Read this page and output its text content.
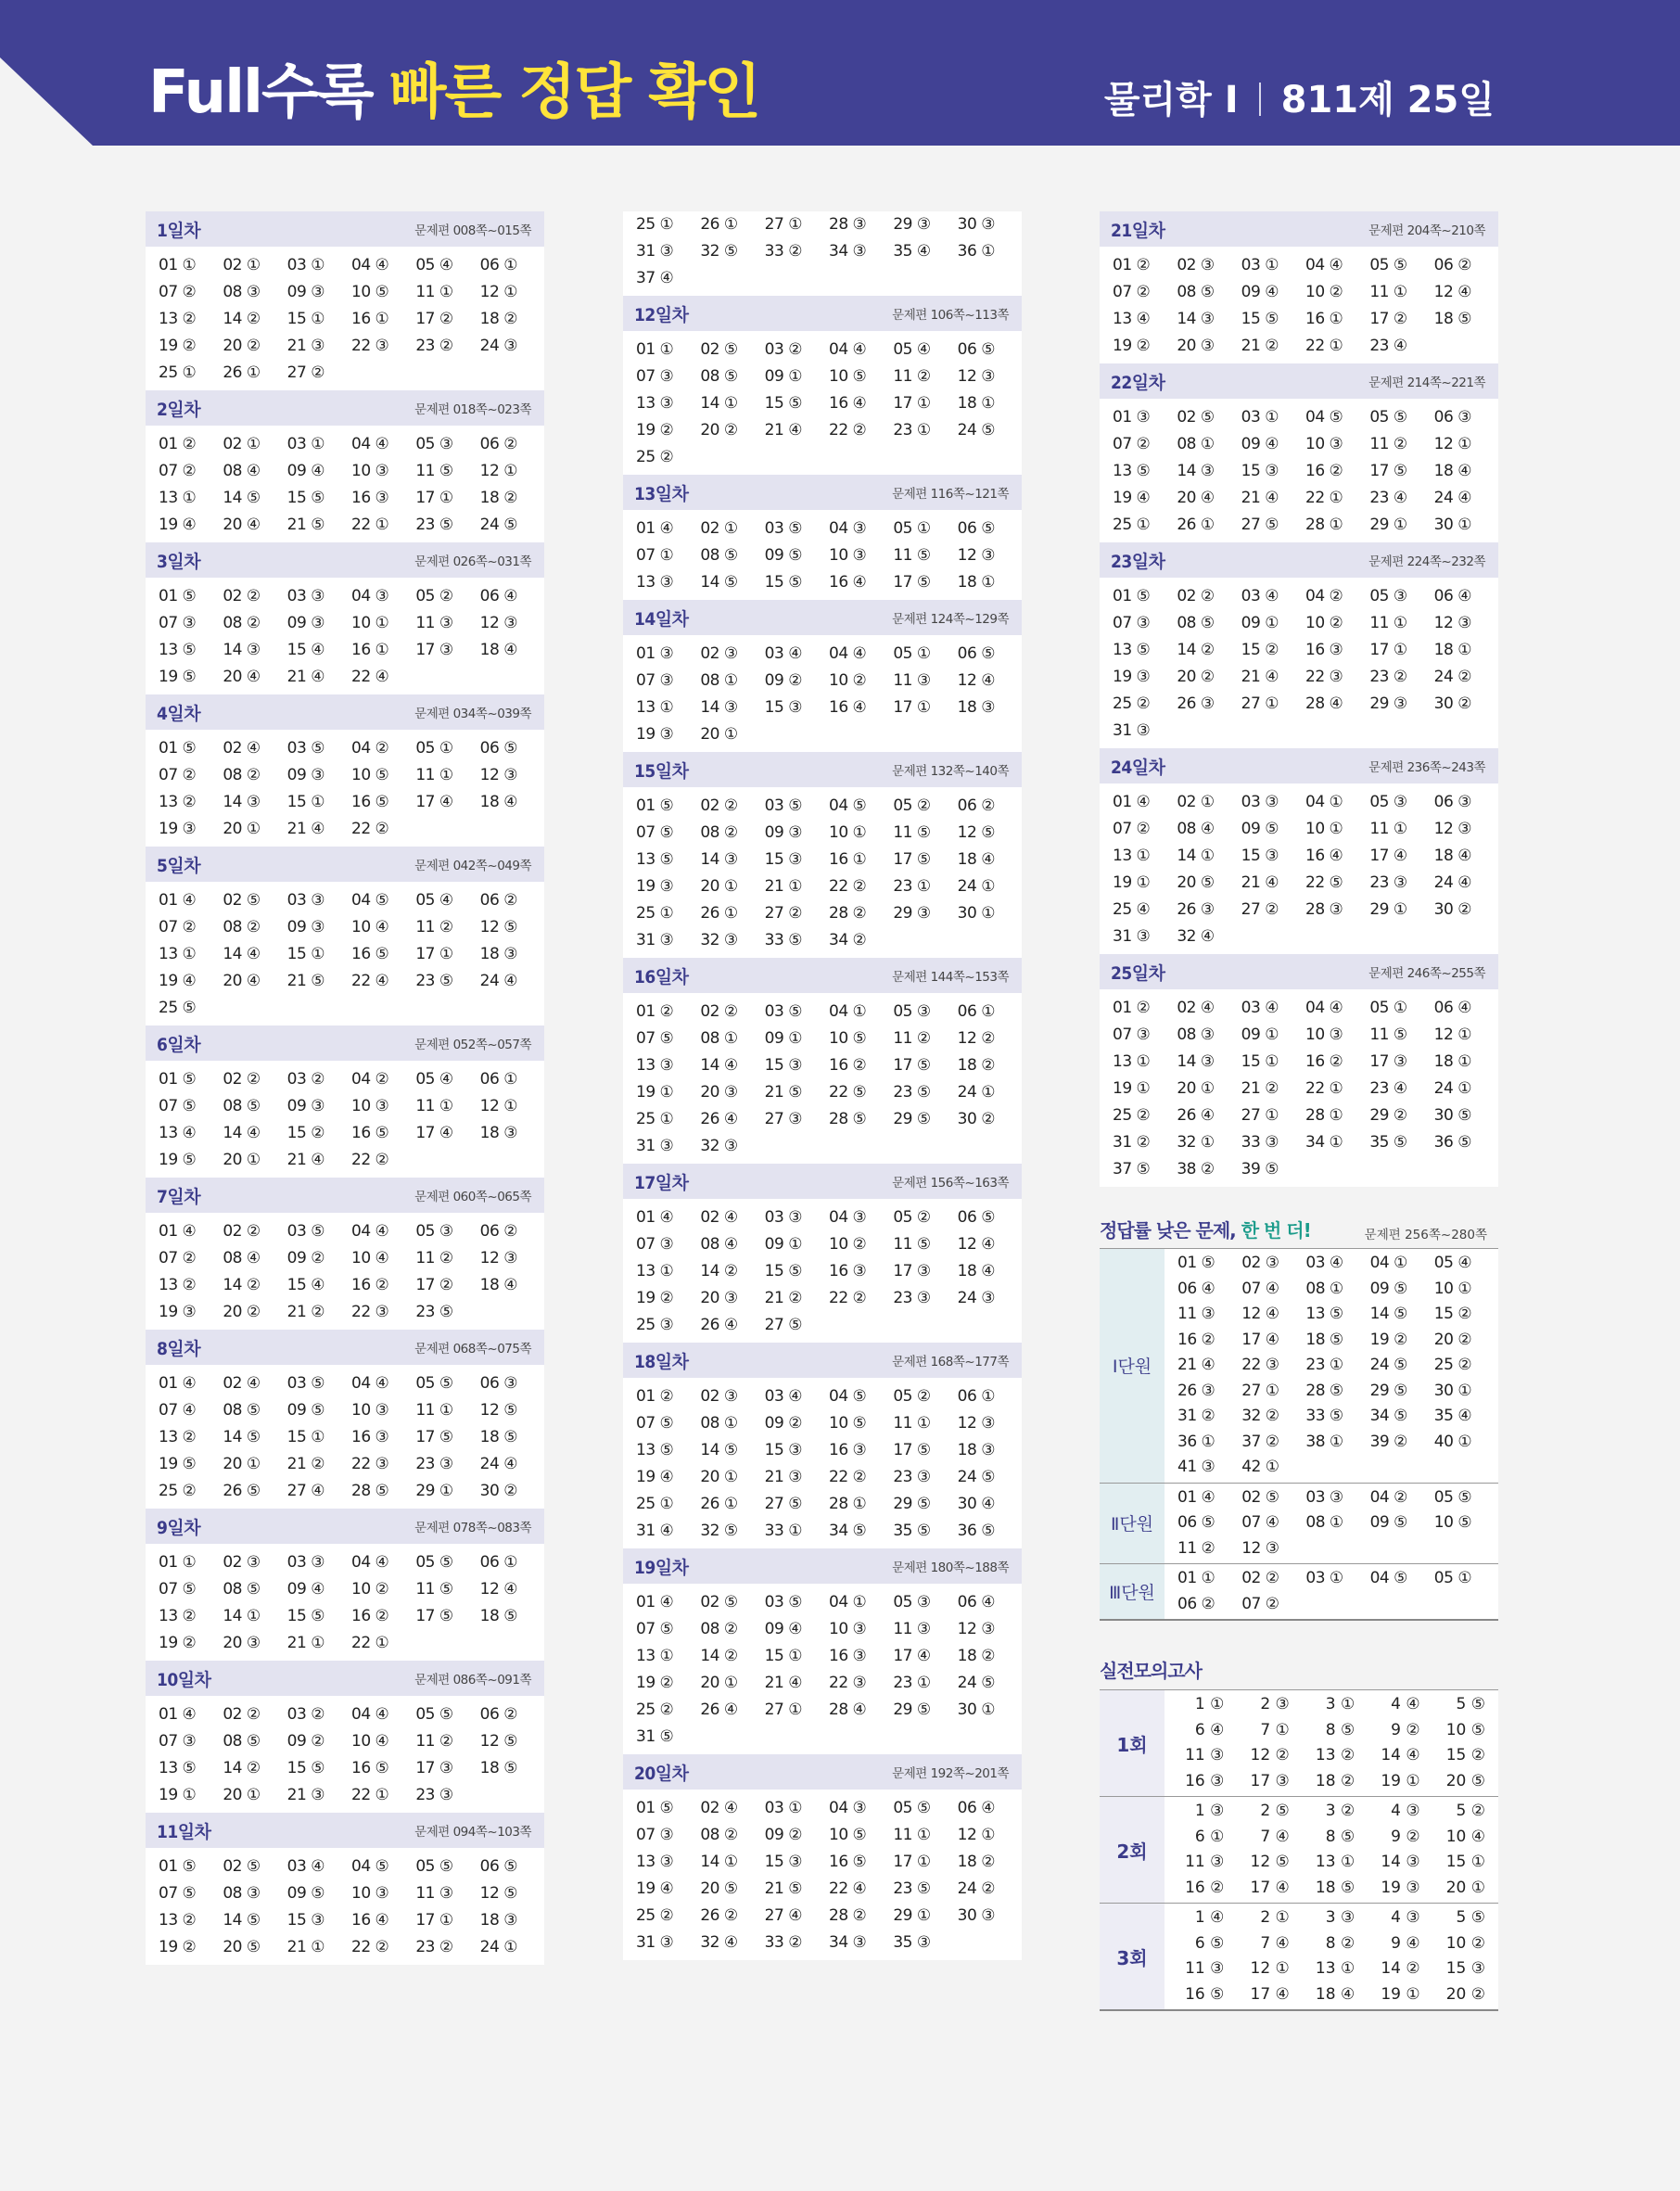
Full수록 빠른 정답 확인	물리학 I 811제 25일
1일차	문제편 008쪽~015쪽
01 ①	02 ①	03 ①	04 ④	05 ④	06 ①
07 ②	08 ③	09 ③	10 ⑤	11 ①	12 ①
13 ②	14 ②	15 ①	16 ①	17 ②	18 ②
19 ②	20 ②	21 ③	22 ③	23 ②	24 ③
25 ①	26 ①	27 ②
2일차	문제편 018쪽~023쪽
01 ②	02 ①	03 ①	04 ④	05 ③	06 ②
07 ②	08 ④	09 ④	10 ③	11 ⑤	12 ①
13 ①	14 ⑤	15 ⑤	16 ③	17 ①	18 ②
19 ④	20 ④	21 ⑤	22 ①	23 ⑤	24 ⑤
3일차	문제편 026쪽~031쪽
01 ⑤	02 ②	03 ③	04 ③	05 ②	06 ④
07 ③	08 ②	09 ③	10 ①	11 ③	12 ③
13 ⑤	14 ③	15 ④	16 ①	17 ③	18 ④
19 ⑤	20 ④	21 ④	22 ④
4일차	문제편 034쪽~039쪽
01 ⑤	02 ④	03 ⑤	04 ②	05 ①	06 ⑤
07 ②	08 ②	09 ③	10 ⑤	11 ①	12 ③
13 ②	14 ③	15 ①	16 ⑤	17 ④	18 ④
19 ③	20 ①	21 ④	22 ②
5일차	문제편 042쪽~049쪽
01 ④	02 ⑤	03 ③	04 ⑤	05 ④	06 ②
07 ②	08 ②	09 ③	10 ④	11 ②	12 ⑤
13 ①	14 ④	15 ①	16 ⑤	17 ①	18 ③
19 ④	20 ④	21 ⑤	22 ④	23 ⑤	24 ④
25 ⑤
6일차	문제편 052쪽~057쪽
01 ⑤	02 ②	03 ②	04 ②	05 ④	06 ①
07 ⑤	08 ⑤	09 ③	10 ③	11 ①	12 ①
13 ④	14 ④	15 ②	16 ⑤	17 ④	18 ③
19 ⑤	20 ①	21 ④	22 ②
7일차	문제편 060쪽~065쪽
01 ④	02 ②	03 ⑤	04 ④	05 ③	06 ②
07 ②	08 ④	09 ②	10 ④	11 ②	12 ③
13 ②	14 ②	15 ④	16 ②	17 ②	18 ④
19 ③	20 ②	21 ②	22 ③	23 ⑤
8일차	문제편 068쪽~075쪽
01 ④	02 ④	03 ⑤	04 ④	05 ⑤	06 ③
07 ④	08 ⑤	09 ⑤	10 ③	11 ①	12 ⑤
13 ②	14 ⑤	15 ①	16 ③	17 ⑤	18 ⑤
19 ⑤	20 ①	21 ②	22 ③	23 ③	24 ④
25 ②	26 ⑤	27 ④	28 ⑤	29 ①	30 ②
9일차	문제편 078쪽~083쪽
01 ①	02 ③	03 ③	04 ④	05 ⑤	06 ①
07 ⑤	08 ⑤	09 ④	10 ②	11 ⑤	12 ④
13 ②	14 ①	15 ⑤	16 ②	17 ⑤	18 ⑤
19 ②	20 ③	21 ①	22 ①
10일차	문제편 086쪽~091쪽
01 ④	02 ②	03 ②	04 ④	05 ⑤	06 ②
07 ③	08 ⑤	09 ②	10 ④	11 ②	12 ⑤
13 ⑤	14 ②	15 ⑤	16 ⑤	17 ③	18 ⑤
19 ①	20 ①	21 ③	22 ①	23 ③
11일차	문제편 094쪽~103쪽
01 ⑤	02 ⑤	03 ④	04 ⑤	05 ⑤	06 ⑤
07 ⑤	08 ③	09 ⑤	10 ③	11 ③	12 ⑤
13 ②	14 ⑤	15 ③	16 ④	17 ①	18 ③
19 ②	20 ⑤	21 ①	22 ②	23 ②	24 ①
25 ①	26 ①	27 ①	28 ③	29 ③	30 ③
31 ③	32 ⑤	33 ②	34 ③	35 ④	36 ①
37 ④
12일차	문제편 106쪽~113쪽
01 ①	02 ⑤	03 ②	04 ④	05 ④	06 ⑤
07 ③	08 ⑤	09 ①	10 ⑤	11 ②	12 ③
13 ③	14 ①	15 ⑤	16 ④	17 ①	18 ①
19 ②	20 ②	21 ④	22 ②	23 ①	24 ⑤
25 ②
13일차	문제편 116쪽~121쪽
01 ④	02 ①	03 ⑤	04 ③	05 ①	06 ⑤
07 ①	08 ⑤	09 ⑤	10 ③	11 ⑤	12 ③
13 ③	14 ⑤	15 ⑤	16 ④	17 ⑤	18 ①
14일차	문제편 124쪽~129쪽
01 ③	02 ③	03 ④	04 ④	05 ①	06 ⑤
07 ③	08 ①	09 ②	10 ②	11 ③	12 ④
13 ①	14 ③	15 ③	16 ④	17 ①	18 ③
19 ③	20 ①
15일차	문제편 132쪽~140쪽
01 ⑤	02 ②	03 ⑤	04 ⑤	05 ②	06 ②
07 ⑤	08 ②	09 ③	10 ①	11 ⑤	12 ⑤
13 ⑤	14 ③	15 ③	16 ①	17 ⑤	18 ④
19 ③	20 ①	21 ①	22 ②	23 ①	24 ①
25 ①	26 ①	27 ②	28 ②	29 ③	30 ①
31 ③	32 ③	33 ⑤	34 ②
16일차	문제편 144쪽~153쪽
01 ②	02 ②	03 ⑤	04 ①	05 ③	06 ①
07 ⑤	08 ①	09 ①	10 ⑤	11 ②	12 ②
13 ③	14 ④	15 ③	16 ②	17 ⑤	18 ②
19 ①	20 ③	21 ⑤	22 ⑤	23 ⑤	24 ①
25 ①	26 ④	27 ③	28 ⑤	29 ⑤	30 ②
31 ③	32 ③
17일차	문제편 156쪽~163쪽
01 ④	02 ④	03 ③	04 ③	05 ②	06 ⑤
07 ③	08 ④	09 ①	10 ②	11 ⑤	12 ④
13 ①	14 ②	15 ⑤	16 ③	17 ③	18 ④
19 ②	20 ③	21 ②	22 ②	23 ③	24 ③
25 ③	26 ④	27 ⑤
18일차	문제편 168쪽~177쪽
01 ②	02 ③	03 ④	04 ⑤	05 ②	06 ①
07 ⑤	08 ①	09 ②	10 ⑤	11 ①	12 ③
13 ⑤	14 ⑤	15 ③	16 ③	17 ⑤	18 ③
19 ④	20 ①	21 ③	22 ②	23 ③	24 ⑤
25 ①	26 ①	27 ⑤	28 ①	29 ⑤	30 ④
31 ④	32 ⑤	33 ①	34 ⑤	35 ⑤	36 ⑤
19일차	문제편 180쪽~188쪽
01 ④	02 ⑤	03 ⑤	04 ①	05 ③	06 ④
07 ⑤	08 ②	09 ④	10 ③	11 ③	12 ③
13 ①	14 ②	15 ①	16 ③	17 ④	18 ②
19 ②	20 ①	21 ④	22 ③	23 ①	24 ⑤
25 ②	26 ④	27 ①	28 ④	29 ⑤	30 ①
31 ⑤
20일차	문제편 192쪽~201쪽
01 ⑤	02 ④	03 ①	04 ③	05 ⑤	06 ④
07 ③	08 ②	09 ②	10 ⑤	11 ①	12 ①
13 ③	14 ①	15 ③	16 ⑤	17 ①	18 ②
19 ④	20 ⑤	21 ⑤	22 ④	23 ⑤	24 ②
25 ②	26 ②	27 ④	28 ②	29 ①	30 ③
31 ③	32 ④	33 ②	34 ③	35 ③
21일차	문제편 204쪽~210쪽
01 ②	02 ③	03 ①	04 ④	05 ⑤	06 ②
07 ②	08 ⑤	09 ④	10 ②	11 ①	12 ④
13 ④	14 ③	15 ⑤	16 ①	17 ②	18 ⑤
19 ②	20 ③	21 ②	22 ①	23 ④
22일차	문제편 214쪽~221쪽
01 ③	02 ⑤	03 ①	04 ⑤	05 ⑤	06 ③
07 ②	08 ①	09 ④	10 ③	11 ②	12 ①
13 ⑤	14 ③	15 ③	16 ②	17 ⑤	18 ④
19 ④	20 ④	21 ④	22 ①	23 ④	24 ④
25 ①	26 ①	27 ⑤	28 ①	29 ①	30 ①
23일차	문제편 224쪽~232쪽
01 ⑤	02 ②	03 ④	04 ②	05 ③	06 ④
07 ③	08 ⑤	09 ①	10 ②	11 ①	12 ③
13 ⑤	14 ②	15 ②	16 ③	17 ①	18 ①
19 ③	20 ②	21 ④	22 ③	23 ②	24 ②
25 ②	26 ③	27 ①	28 ④	29 ③	30 ②
31 ③
24일차	문제편 236쪽~243쪽
01 ④	02 ①	03 ③	04 ①	05 ③	06 ③
07 ②	08 ④	09 ⑤	10 ①	11 ①	12 ③
13 ①	14 ①	15 ③	16 ④	17 ④	18 ④
19 ①	20 ⑤	21 ④	22 ⑤	23 ③	24 ④
25 ④	26 ③	27 ②	28 ③	29 ①	30 ②
31 ③	32 ④
25일차	문제편 246쪽~255쪽
01 ②	02 ④	03 ④	04 ④	05 ①	06 ④
07 ③	08 ③	09 ①	10 ③	11 ⑤	12 ①
13 ①	14 ③	15 ①	16 ②	17 ③	18 ①
19 ①	20 ①	21 ②	22 ①	23 ④	24 ①
25 ②	26 ④	27 ①	28 ①	29 ②	30 ⑤
31 ②	32 ①	33 ③	34 ①	35 ⑤	36 ⑤
37 ⑤	38 ②	39 ⑤
정답률 낮은 문제, 한 번 더!	문제편 256쪽~280쪽
Ⅰ단원
01 ⑤	02 ③	03 ④	04 ①	05 ④
06 ④	07 ④	08 ①	09 ⑤	10 ①
11 ③	12 ④	13 ⑤	14 ⑤	15 ②
16 ②	17 ④	18 ⑤	19 ②	20 ②
21 ④	22 ③	23 ①	24 ⑤	25 ②
26 ③	27 ①	28 ⑤	29 ⑤	30 ①
31 ②	32 ②	33 ⑤	34 ⑤	35 ④
36 ①	37 ②	38 ①	39 ②	40 ①
41 ③	42 ①
Ⅱ단원
01 ④	02 ⑤	03 ③	04 ②	05 ⑤
06 ⑤	07 ④	08 ①	09 ⑤	10 ⑤
11 ②	12 ③
Ⅲ단원
01 ①	02 ②	03 ①	04 ⑤	05 ①
06 ②	07 ②
실전모의고사
1회
1 ①	2 ③	3 ①	4 ④	5 ⑤
6 ④	7 ①	8 ⑤	9 ②	10 ⑤
11 ③	12 ②	13 ②	14 ④	15 ②
16 ③	17 ③	18 ②	19 ①	20 ⑤
2회
1 ③	2 ⑤	3 ②	4 ③	5 ②
6 ①	7 ④	8 ⑤	9 ②	10 ④
11 ③	12 ⑤	13 ①	14 ③	15 ①
16 ②	17 ④	18 ⑤	19 ③	20 ①
3회
1 ④	2 ①	3 ③	4 ③	5 ⑤
6 ⑤	7 ④	8 ②	9 ④	10 ②
11 ③	12 ①	13 ①	14 ②	15 ③
16 ⑤	17 ④	18 ④	19 ①	20 ②
